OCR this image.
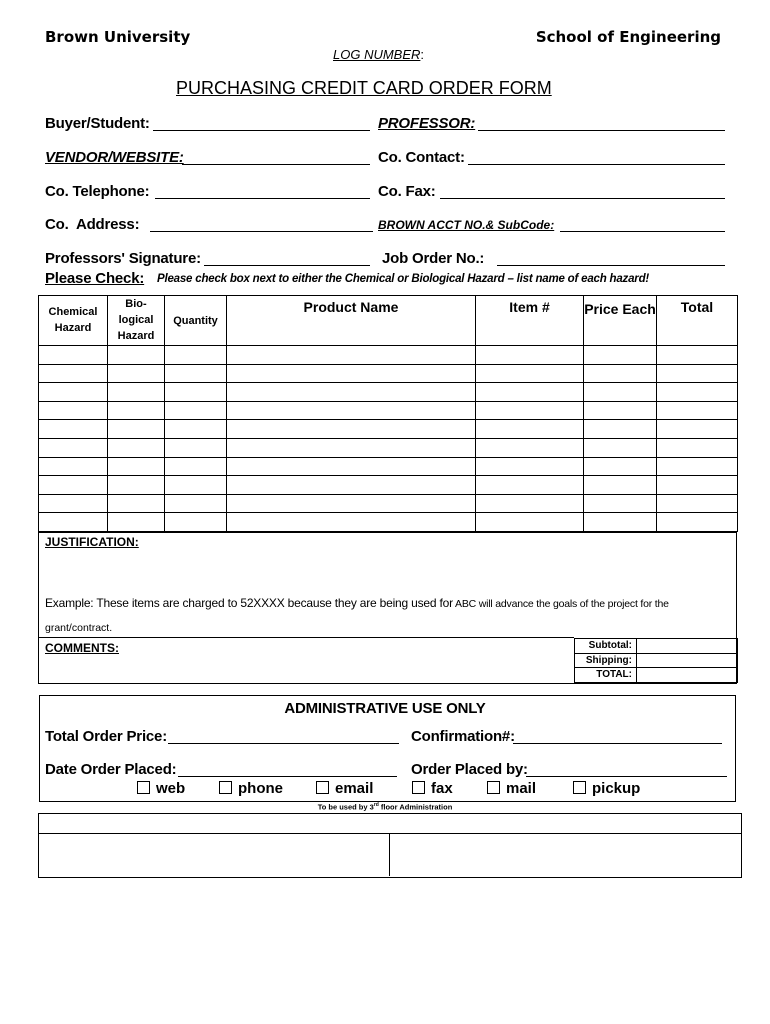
Brown University	School of Engineering
LOG NUMBER:
PURCHASING CREDIT CARD ORDER FORM
Buyer/Student:	PROFESSOR:
VENDOR/WEBSITE:	Co. Contact:
Co. Telephone:	Co. Fax:
Co.  Address:	BROWN ACCT NO.& SubCode:
Professors' Signature:	Job Order No.:
Please Check: Please check box next to either the Chemical or Biological Hazard – list name of each hazard!
Chemical Hazard	Bio-logical Hazard	Quantity	Product Name	Item #	Price Each	Total

JUSTIFICATION:
Example: These items are charged to 52XXXX because they are being used for ABC will advance the goals of the project for the
grant/contract.
COMMENTS:	Subtotal:	
Shipping:	
TOTAL:	
ADMINISTRATIVE USE ONLY
Total Order Price:	Confirmation#:
Date Order Placed:	Order Placed by:
web	phone	email	fax	mail	pickup
To be used by 3rd floor Administration
